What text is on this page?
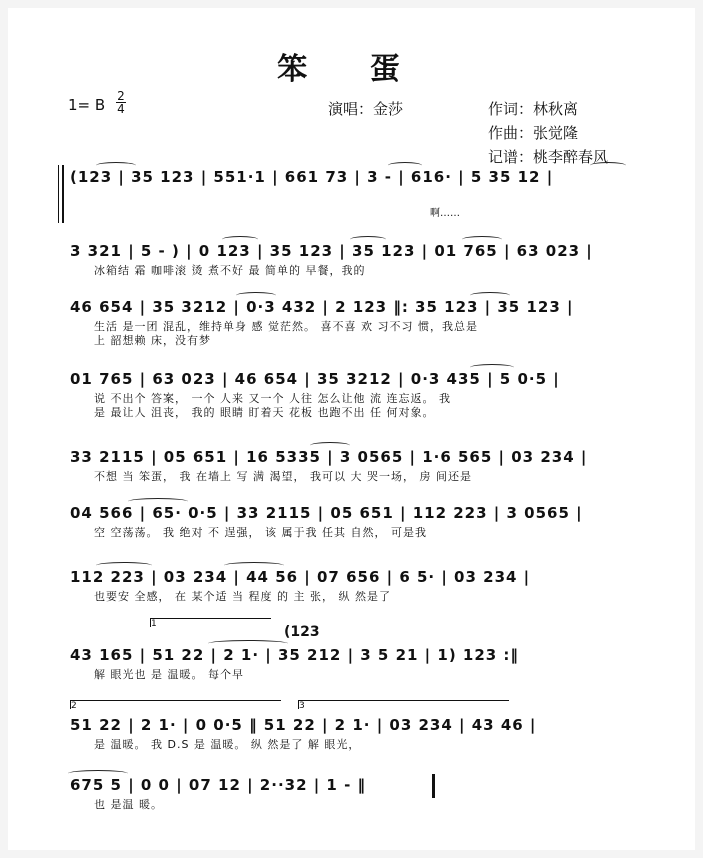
笨 蛋
1= B $\frac{2}{4}$	演唱：金莎	作词：林秋离
作曲：张觉隆
记谱：桃李醉春风
(123 | 35 123 | 551·1 | 661 73 | 3 - | 616· | 5 35 12 |
啊……
3 321 | 5 - ) | 0 123 | 35 123 | 35 123 | 01 765 | 63 023 |
冰箱结 霜 咖啡滚 烫 煮不好 最 简单的 早餐，我的
46 654 | 35 3212 | 0·3 432 | 2 123 ‖: 35 123 | 35 123 |
生活 是一团 混乱，维持单身 感 觉茫然。 喜不喜 欢 习不习 惯，我总是
上 韶想赖 床，没有梦
01 765 | 63 023 | 46 654 | 35 3212 | 0·3 435 | 5 0·5 |
说 不出个 答案， 一个 人来 又一个 人往 怎么让他 流 连忘返。 我
是 最让人 沮丧， 我的 眼睛 盯着天 花板 也跑不出 任 何对象。
33 2115 | 05 651 | 16 5335 | 3 0565 | 1·6 565 | 03 234 |
不想 当 笨蛋， 我 在墙上 写 满 渴望， 我可以 大 哭一场， 房 间还是
04 566 | 65· 0·5 | 33 2115 | 05 651 | 112 223 | 3 0565 |
空 空荡荡。 我 绝对 不 逞强， 该 属于我 任其 自然， 可是我
112 223 | 03 234 | 44 56 | 07 656 | 6 5· | 03 234 |
也要安 全感， 在 某个适 当 程度 的 主 张， 纵 然是了
1	(123
43 165 | 51 22 | 2 1· | 35 212 | 3 5 21 | 1) 123 :‖
解 眼光也 是 温暖。 每个早
2	3
51 22 | 2 1· | 0 0·5 ‖ 51 22 | 2 1· | 03 234 | 43 46 |
是 温暖。 我 D.S 是 温暖。 纵 然是了 解 眼光，
675 5 | 0 0 | 07 12 | 2··32 | 1 - ‖
也 是温 暖。
